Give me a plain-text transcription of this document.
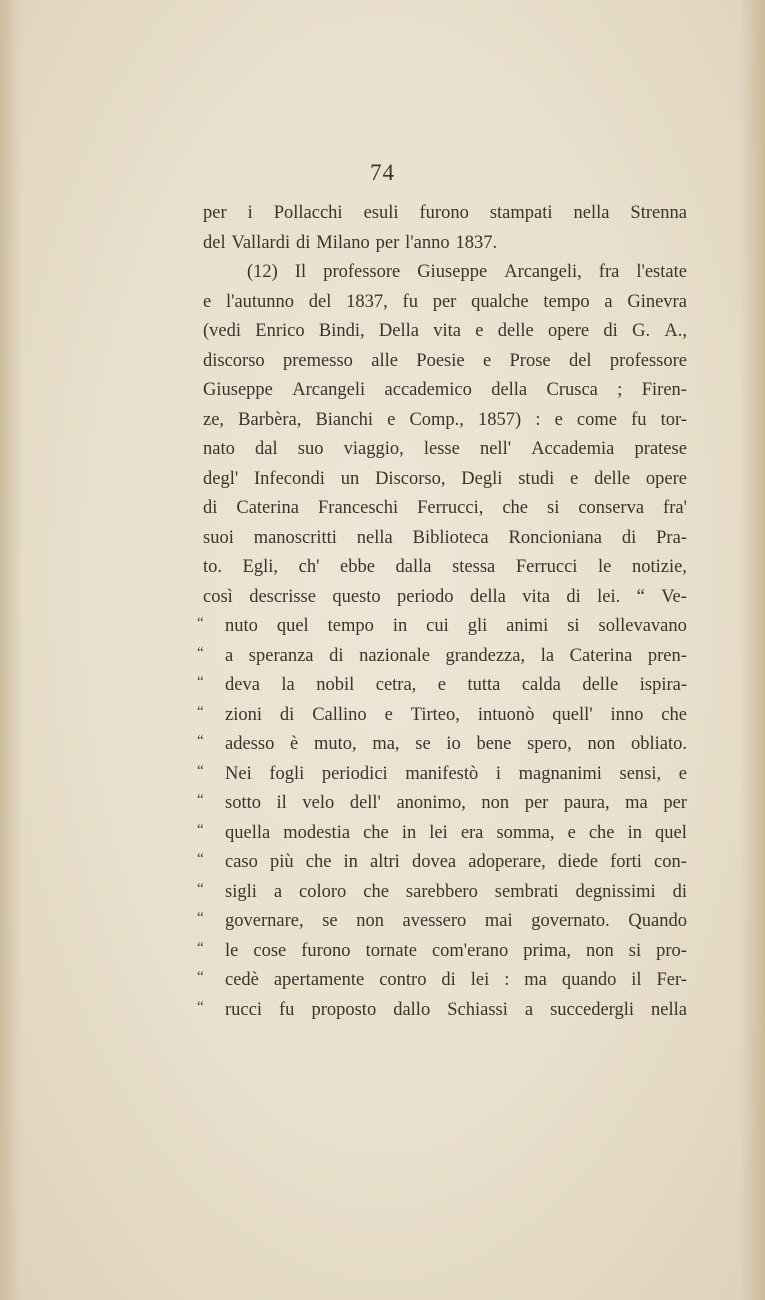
74
per i Pollacchi esuli furono stampati nella Strenna
del Vallardi di Milano per l'anno 1837.
(12) Il professore Giuseppe Arcangeli, fra l'estate
e l'autunno del 1837, fu per qualche tempo a Ginevra
(vedi Enrico Bindi, Della vita e delle opere di G. A.,
discorso premesso alle Poesie e Prose del professore
Giuseppe Arcangeli accademico della Crusca ; Firen-
ze, Barbèra, Bianchi e Comp., 1857) : e come fu tor-
nato dal suo viaggio, lesse nell' Accademia pratese
degl' Infecondi un Discorso, Degli studi e delle opere
di Caterina Franceschi Ferrucci, che si conserva fra'
suoi manoscritti nella Biblioteca Roncioniana di Pra-
to. Egli, ch' ebbe dalla stessa Ferrucci le notizie,
così descrisse questo periodo della vita di lei. “ Ve-
“ nuto quel tempo in cui gli animi si sollevavano
“ a speranza di nazionale grandezza, la Caterina pren-
“ deva la nobil cetra, e tutta calda delle ispira-
“ zioni di Callino e Tirteo, intuonò quell' inno che
“ adesso è muto, ma, se io bene spero, non obliato.
“ Nei fogli periodici manifestò i magnanimi sensi, e
“ sotto il velo dell' anonimo, non per paura, ma per
“ quella modestia che in lei era somma, e che in quel
“ caso più che in altri dovea adoperare, diede forti con-
“ sigli a coloro che sarebbero sembrati degnissimi di
“ governare, se non avessero mai governato. Quando
“ le cose furono tornate com'erano prima, non si pro-
“ cedè apertamente contro di lei : ma quando il Fer-
“ rucci fu proposto dallo Schiassi a succedergli nella
